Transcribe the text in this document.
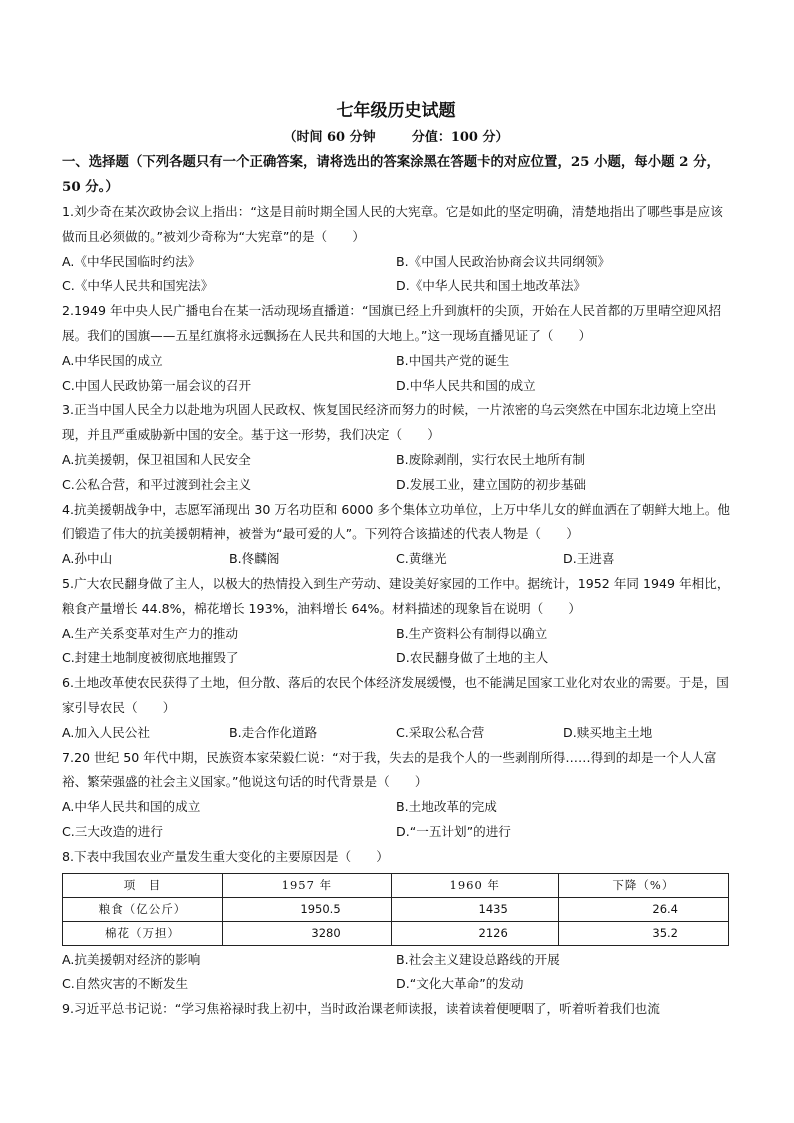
七年级历史试题
（时间 60 分钟        分值：100 分）

一、选择题（下列各题只有一个正确答案，请将选出的答案涂黑在答题卡的对应位置，25 小题，每小题 2 分，50 分。）

1.刘少奇在某次政协会议上指出：“这是目前时期全国人民的大宪章。它是如此的坚定明确，清楚地指出了哪些事是应该做而且必须做的。”被刘少奇称为“大宪章”的是（　　）

A.《中华民国临时约法》	B.《中国人民政治协商会议共同纲领》
C.《中华人民共和国宪法》	D.《中华人民共和国土地改革法》

2.1949 年中央人民广播电台在某一活动现场直播道：“国旗已经上升到旗杆的尖顶，开始在人民首都的万里晴空迎风招展。我们的国旗——五星红旗将永远飘扬在人民共和国的大地上。”这一现场直播见证了（　　）

A.中华民国的成立	B.中国共产党的诞生
C.中国人民政协第一届会议的召开	D.中华人民共和国的成立

3.正当中国人民全力以赴地为巩固人民政权、恢复国民经济而努力的时候，一片浓密的乌云突然在中国东北边境上空出现，并且严重威胁新中国的安全。基于这一形势，我们决定（　　）

A.抗美援朝，保卫祖国和人民安全	B.废除剥削，实行农民土地所有制
C.公私合营，和平过渡到社会主义	D.发展工业，建立国防的初步基础

4.抗美援朝战争中，志愿军涌现出 30 万名功臣和 6000 多个集体立功单位，上万中华儿女的鲜血洒在了朝鲜大地上。他们锻造了伟大的抗美援朝精神，被誉为“最可爱的人”。下列符合该描述的代表人物是（　　）

A.孙中山	B.佟麟阁	C.黄继光	D.王进喜

5.广大农民翻身做了主人，以极大的热情投入到生产劳动、建设美好家园的工作中。据统计，1952 年同 1949 年相比，粮食产量增长 44.8%，棉花增长 193%，油料增长 64%。材料描述的现象旨在说明（　　）

A.生产关系变革对生产力的推动	B.生产资料公有制得以确立
C.封建土地制度被彻底地摧毁了	D.农民翻身做了土地的主人

6.土地改革使农民获得了土地，但分散、落后的农民个体经济发展缓慢，也不能满足国家工业化对农业的需要。于是，国家引导农民（　　）

A.加入人民公社	B.走合作化道路	C.采取公私合营	D.赎买地主土地

7.20 世纪 50 年代中期，民族资本家荣毅仁说：“对于我，失去的是我个人的一些剥削所得……得到的却是一个人人富裕、繁荣强盛的社会主义国家。”他说这句话的时代背景是（　　）

A.中华人民共和国的成立	B.土地改革的完成
C.三大改造的进行	D.“一五计划”的进行

8.下表中我国农业产量发生重大变化的主要原因是（　　）

项　目	1957 年	1960 年	下降（%）
粮食（亿公斤）	1950.5	1435	26.4
棉花（万担）	3280	2126	35.2
A.抗美援朝对经济的影响	B.社会主义建设总路线的开展
C.自然灾害的不断发生	D.“文化大革命”的发动

9.习近平总书记说：“学习焦裕禄时我上初中，当时政治课老师读报，读着读着便哽咽了，听着听着我们也流
